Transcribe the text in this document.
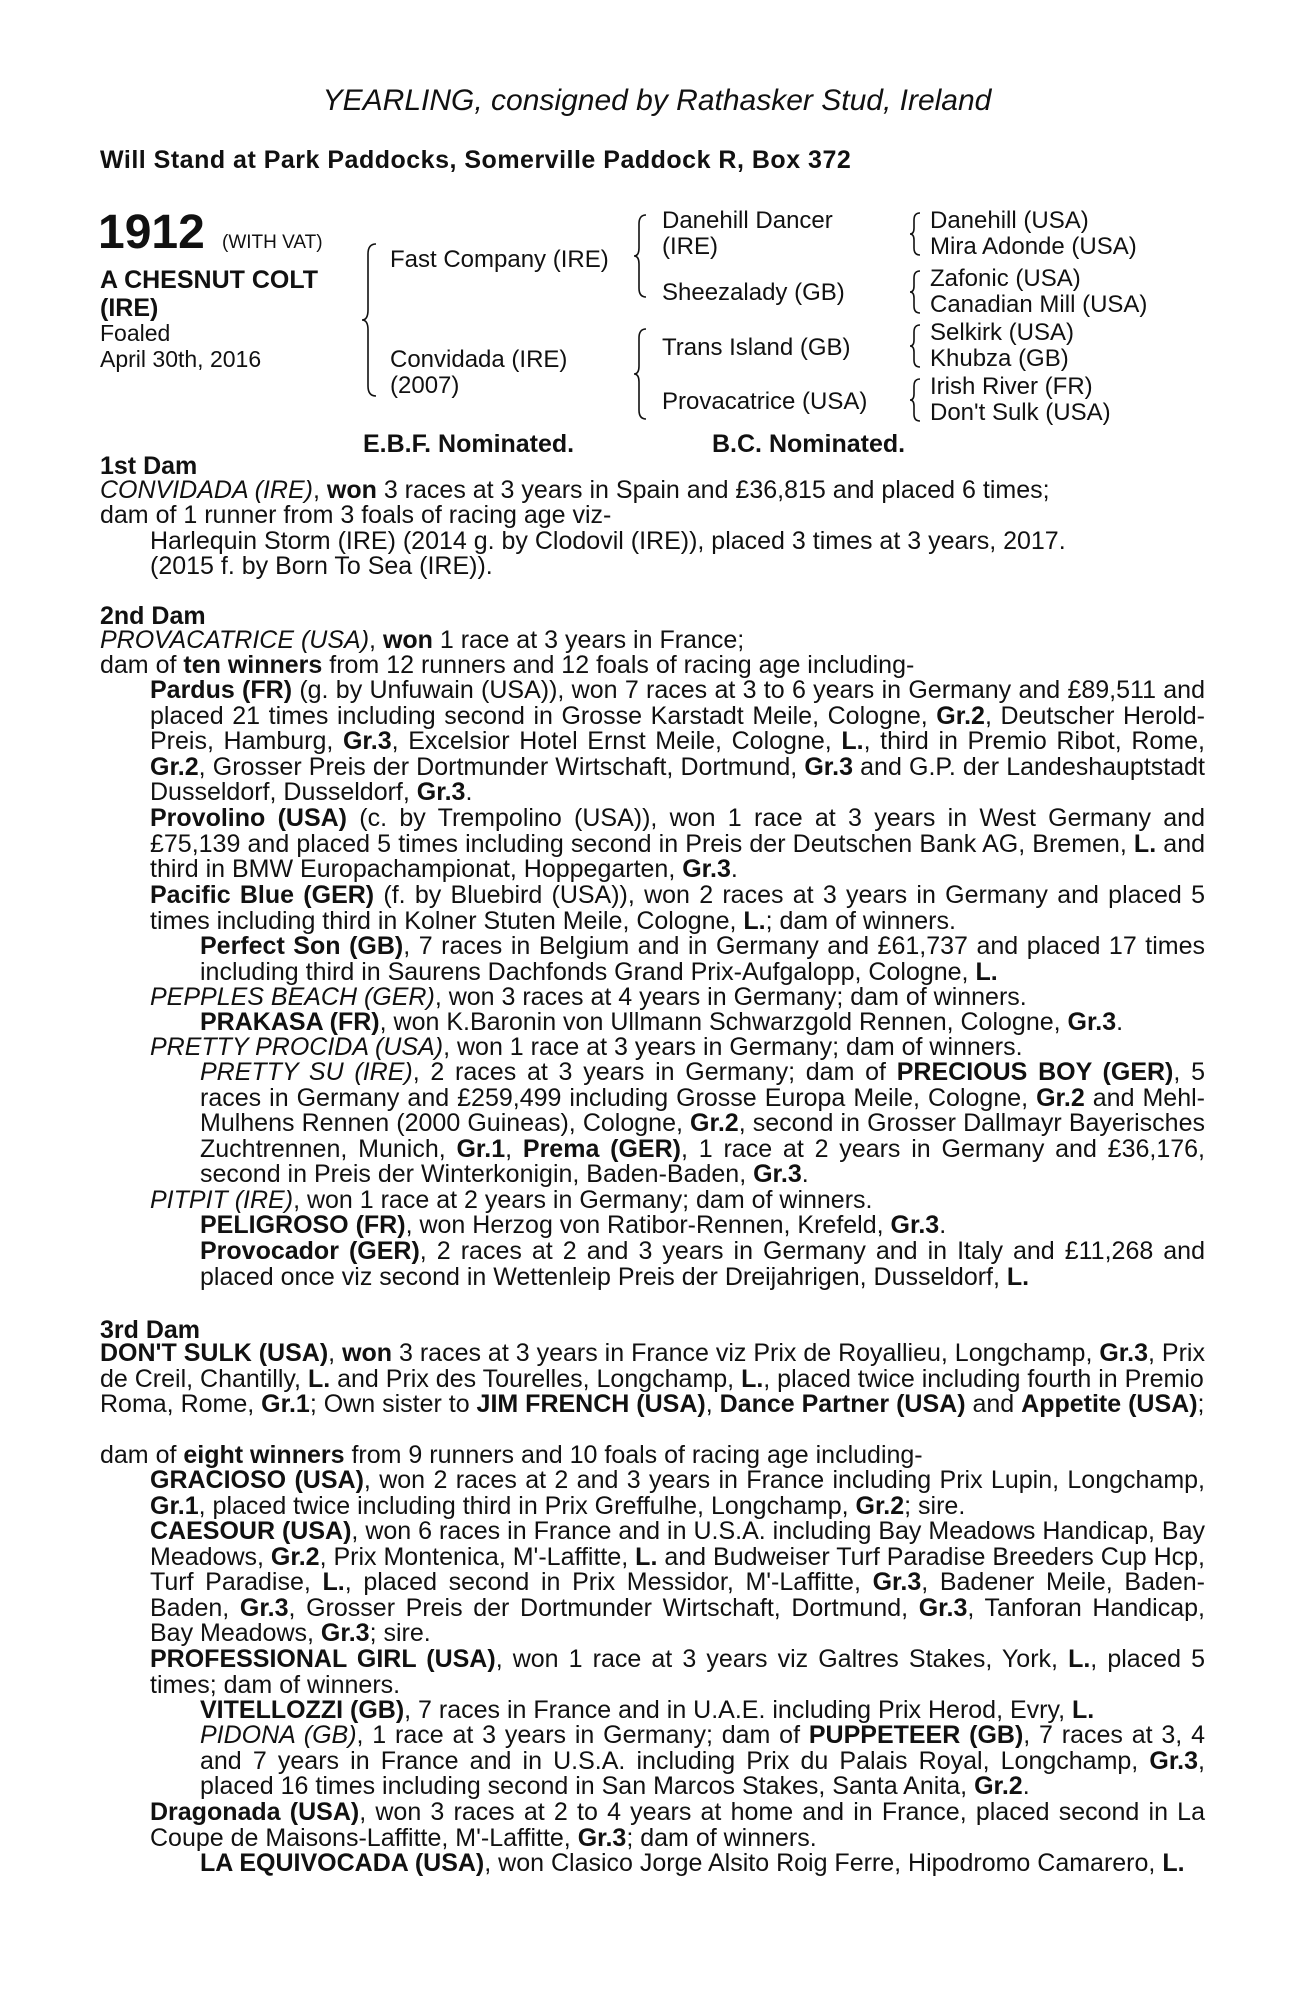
YEARLING, consigned by Rathasker Stud, Ireland
Will Stand at Park Paddocks, Somerville Paddock R, Box 372
1912 (WITH VAT)
A CHESNUT COLT
(IRE)
Foaled
April 30th, 2016
Fast Company (IRE)
Convidada (IRE)
(2007)
Danehill Dancer
(IRE)
Sheezalady (GB)
Trans Island (GB)
Provacatrice (USA)
Danehill (USA)
Mira Adonde (USA)
Zafonic (USA)
Canadian Mill (USA)
Selkirk (USA)
Khubza (GB)
Irish River (FR)
Don't Sulk (USA)
E.B.F. Nominated.	B.C. Nominated.
1st Dam
CONVIDADA (IRE), won 3 races at 3 years in Spain and £36,815 and placed 6 times;
dam of 1 runner from 3 foals of racing age viz-
Harlequin Storm (IRE) (2014 g. by Clodovil (IRE)), placed 3 times at 3 years, 2017.
(2015 f. by Born To Sea (IRE)).
2nd Dam
PROVACATRICE (USA), won 1 race at 3 years in France;
dam of ten winners from 12 runners and 12 foals of racing age including-
Pardus (FR) (g. by Unfuwain (USA)), won 7 races at 3 to 6 years in Germany and £89,511 and placed 21 times including second in Grosse Karstadt Meile, Cologne, Gr.2, Deutscher Herold-Preis, Hamburg, Gr.3, Excelsior Hotel Ernst Meile, Cologne, L., third in Premio Ribot, Rome, Gr.2, Grosser Preis der Dortmunder Wirtschaft, Dortmund, Gr.3 and G.P. der Landeshauptstadt Dusseldorf, Dusseldorf, Gr.3.
Provolino (USA) (c. by Trempolino (USA)), won 1 race at 3 years in West Germany and £75,139 and placed 5 times including second in Preis der Deutschen Bank AG, Bremen, L. and third in BMW Europachampionat, Hoppegarten, Gr.3.
Pacific Blue (GER) (f. by Bluebird (USA)), won 2 races at 3 years in Germany and placed 5 times including third in Kolner Stuten Meile, Cologne, L.; dam of winners.
Perfect Son (GB), 7 races in Belgium and in Germany and £61,737 and placed 17 times including third in Saurens Dachfonds Grand Prix-Aufgalopp, Cologne, L.
PEPPLES BEACH (GER), won 3 races at 4 years in Germany; dam of winners.
PRAKASA (FR), won K.Baronin von Ullmann Schwarzgold Rennen, Cologne, Gr.3.
PRETTY PROCIDA (USA), won 1 race at 3 years in Germany; dam of winners.
PRETTY SU (IRE), 2 races at 3 years in Germany; dam of PRECIOUS BOY (GER), 5 races in Germany and £259,499 including Grosse Europa Meile, Cologne, Gr.2 and Mehl-Mulhens Rennen (2000 Guineas), Cologne, Gr.2, second in Grosser Dallmayr Bayerisches Zuchtrennen, Munich, Gr.1, Prema (GER), 1 race at 2 years in Germany and £36,176, second in Preis der Winterkonigin, Baden-Baden, Gr.3.
PITPIT (IRE), won 1 race at 2 years in Germany; dam of winners.
PELIGROSO (FR), won Herzog von Ratibor-Rennen, Krefeld, Gr.3.
Provocador (GER), 2 races at 2 and 3 years in Germany and in Italy and £11,268 and placed once viz second in Wettenleip Preis der Dreijahrigen, Dusseldorf, L.
3rd Dam
DON'T SULK (USA), won 3 races at 3 years in France viz Prix de Royallieu, Longchamp, Gr.3, Prix de Creil, Chantilly, L. and Prix des Tourelles, Longchamp, L., placed twice including fourth in Premio Roma, Rome, Gr.1; Own sister to JIM FRENCH (USA), Dance Partner (USA) and Appetite (USA);
dam of eight winners from 9 runners and 10 foals of racing age including-
GRACIOSO (USA), won 2 races at 2 and 3 years in France including Prix Lupin, Longchamp, Gr.1, placed twice including third in Prix Greffulhe, Longchamp, Gr.2; sire.
CAESOUR (USA), won 6 races in France and in U.S.A. including Bay Meadows Handicap, Bay Meadows, Gr.2, Prix Montenica, M'-Laffitte, L. and Budweiser Turf Paradise Breeders Cup Hcp, Turf Paradise, L., placed second in Prix Messidor, M'-Laffitte, Gr.3, Badener Meile, Baden-Baden, Gr.3, Grosser Preis der Dortmunder Wirtschaft, Dortmund, Gr.3, Tanforan Handicap, Bay Meadows, Gr.3; sire.
PROFESSIONAL GIRL (USA), won 1 race at 3 years viz Galtres Stakes, York, L., placed 5 times; dam of winners.
VITELLOZZI (GB), 7 races in France and in U.A.E. including Prix Herod, Evry, L.
PIDONA (GB), 1 race at 3 years in Germany; dam of PUPPETEER (GB), 7 races at 3, 4 and 7 years in France and in U.S.A. including Prix du Palais Royal, Longchamp, Gr.3, placed 16 times including second in San Marcos Stakes, Santa Anita, Gr.2.
Dragonada (USA), won 3 races at 2 to 4 years at home and in France, placed second in La Coupe de Maisons-Laffitte, M'-Laffitte, Gr.3; dam of winners.
LA EQUIVOCADA (USA), won Clasico Jorge Alsito Roig Ferre, Hipodromo Camarero, L.
